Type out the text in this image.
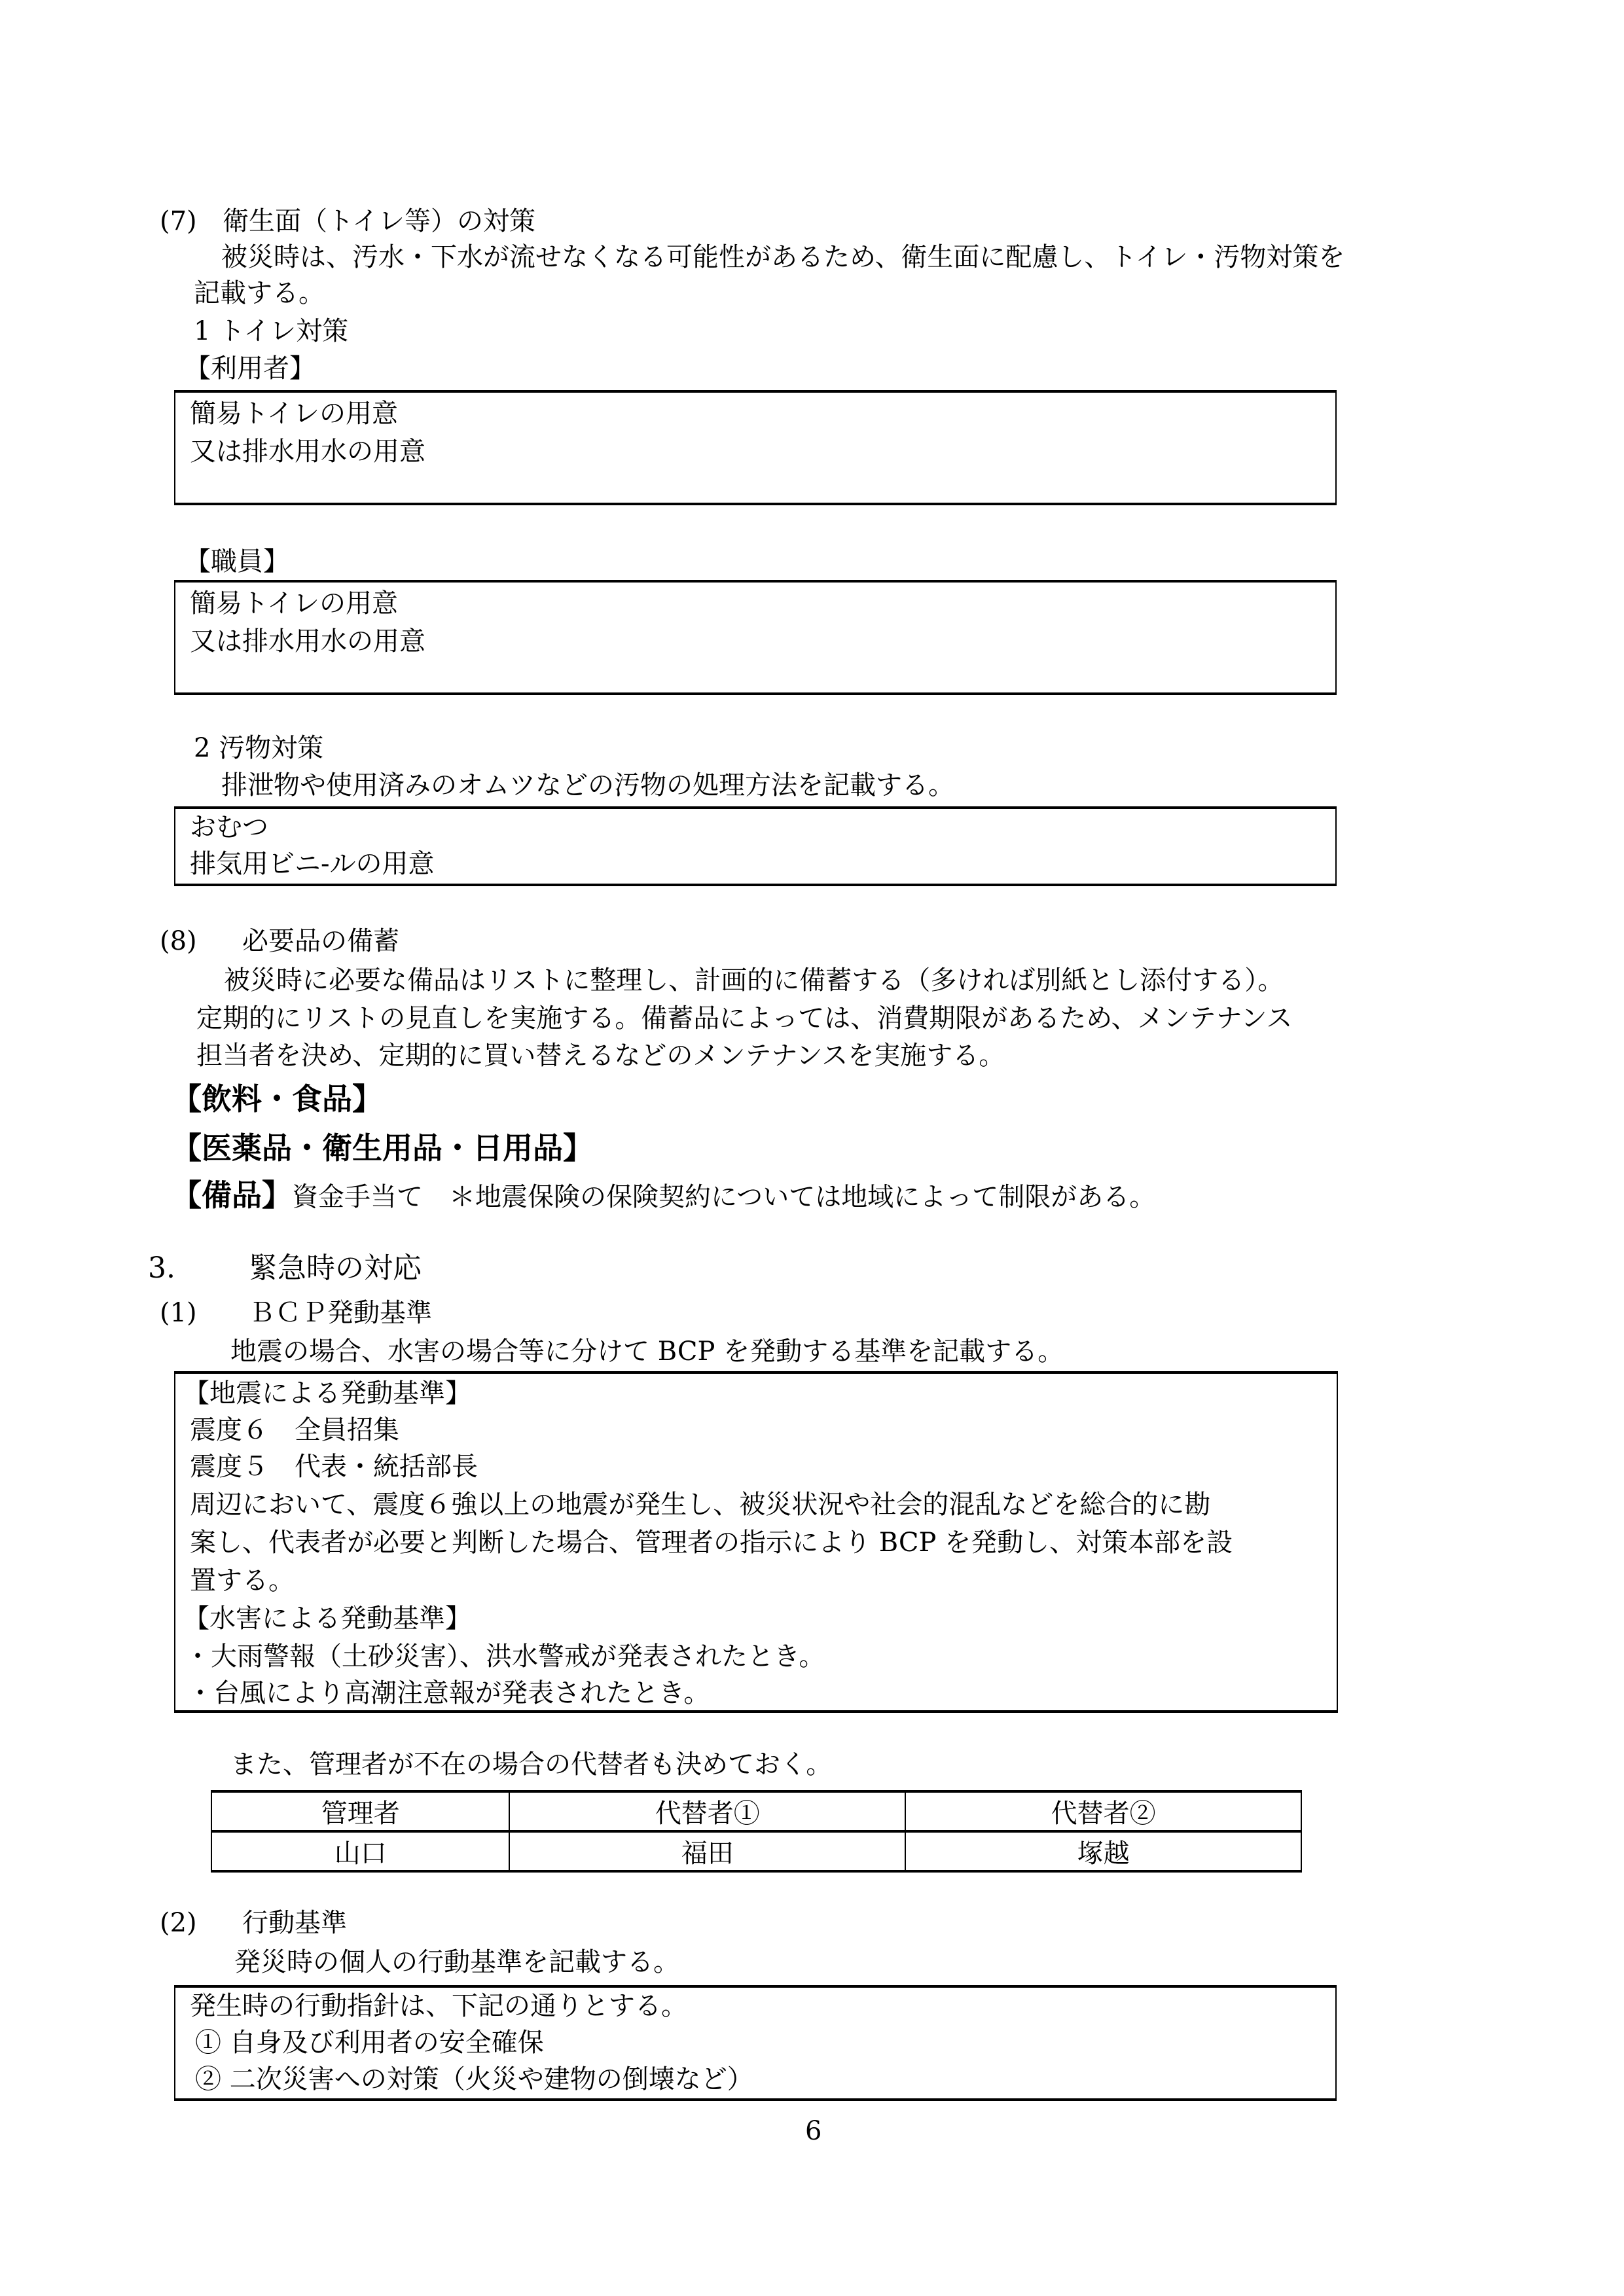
(7) 衛生面（トイレ等）の対策
被災時は、汚水・下水が流せなくなる可能性があるため、衛生面に配慮し、トイレ・汚物対策を
記載する。
1 トイレ対策
【利用者】
簡易トイレの用意
又は排水用水の用意
【職員】
簡易トイレの用意
又は排水用水の用意
2 汚物対策
排泄物や使用済みのオムツなどの汚物の処理方法を記載する。
おむつ
排気用ビニ-ルの用意
(8) 必要品の備蓄
被災時に必要な備品はリストに整理し、計画的に備蓄する（多ければ別紙とし添付する）。
定期的にリストの見直しを実施する。備蓄品によっては、消費期限があるため、メンテナンス
担当者を決め、定期的に買い替えるなどのメンテナンスを実施する。
【飲料・食品】
【医薬品・衛生用品・日用品】
【備品】資金手当て　＊地震保険の保険契約については地域によって制限がある。
3.	緊急時の対応
(1) ＢＣＰ発動基準
地震の場合、水害の場合等に分けて BCP を発動する基準を記載する。
【地震による発動基準】
震度６　全員招集
震度５　代表・統括部長
周辺において、震度６強以上の地震が発生し、被災状況や社会的混乱などを総合的に勘
案し、代表者が必要と判断した場合、管理者の指示により BCP を発動し、対策本部を設
置する。
【水害による発動基準】
・大雨警報（土砂災害）、洪水警戒が発表されたとき。
・台風により高潮注意報が発表されたとき。
また、管理者が不在の場合の代替者も決めておく。
管理者	代替者①	代替者②
山口	福田	塚越
(2) 行動基準
発災時の個人の行動基準を記載する。
発生時の行動指針は、下記の通りとする。
① 自身及び利用者の安全確保
② 二次災害への対策（火災や建物の倒壊など）
6
